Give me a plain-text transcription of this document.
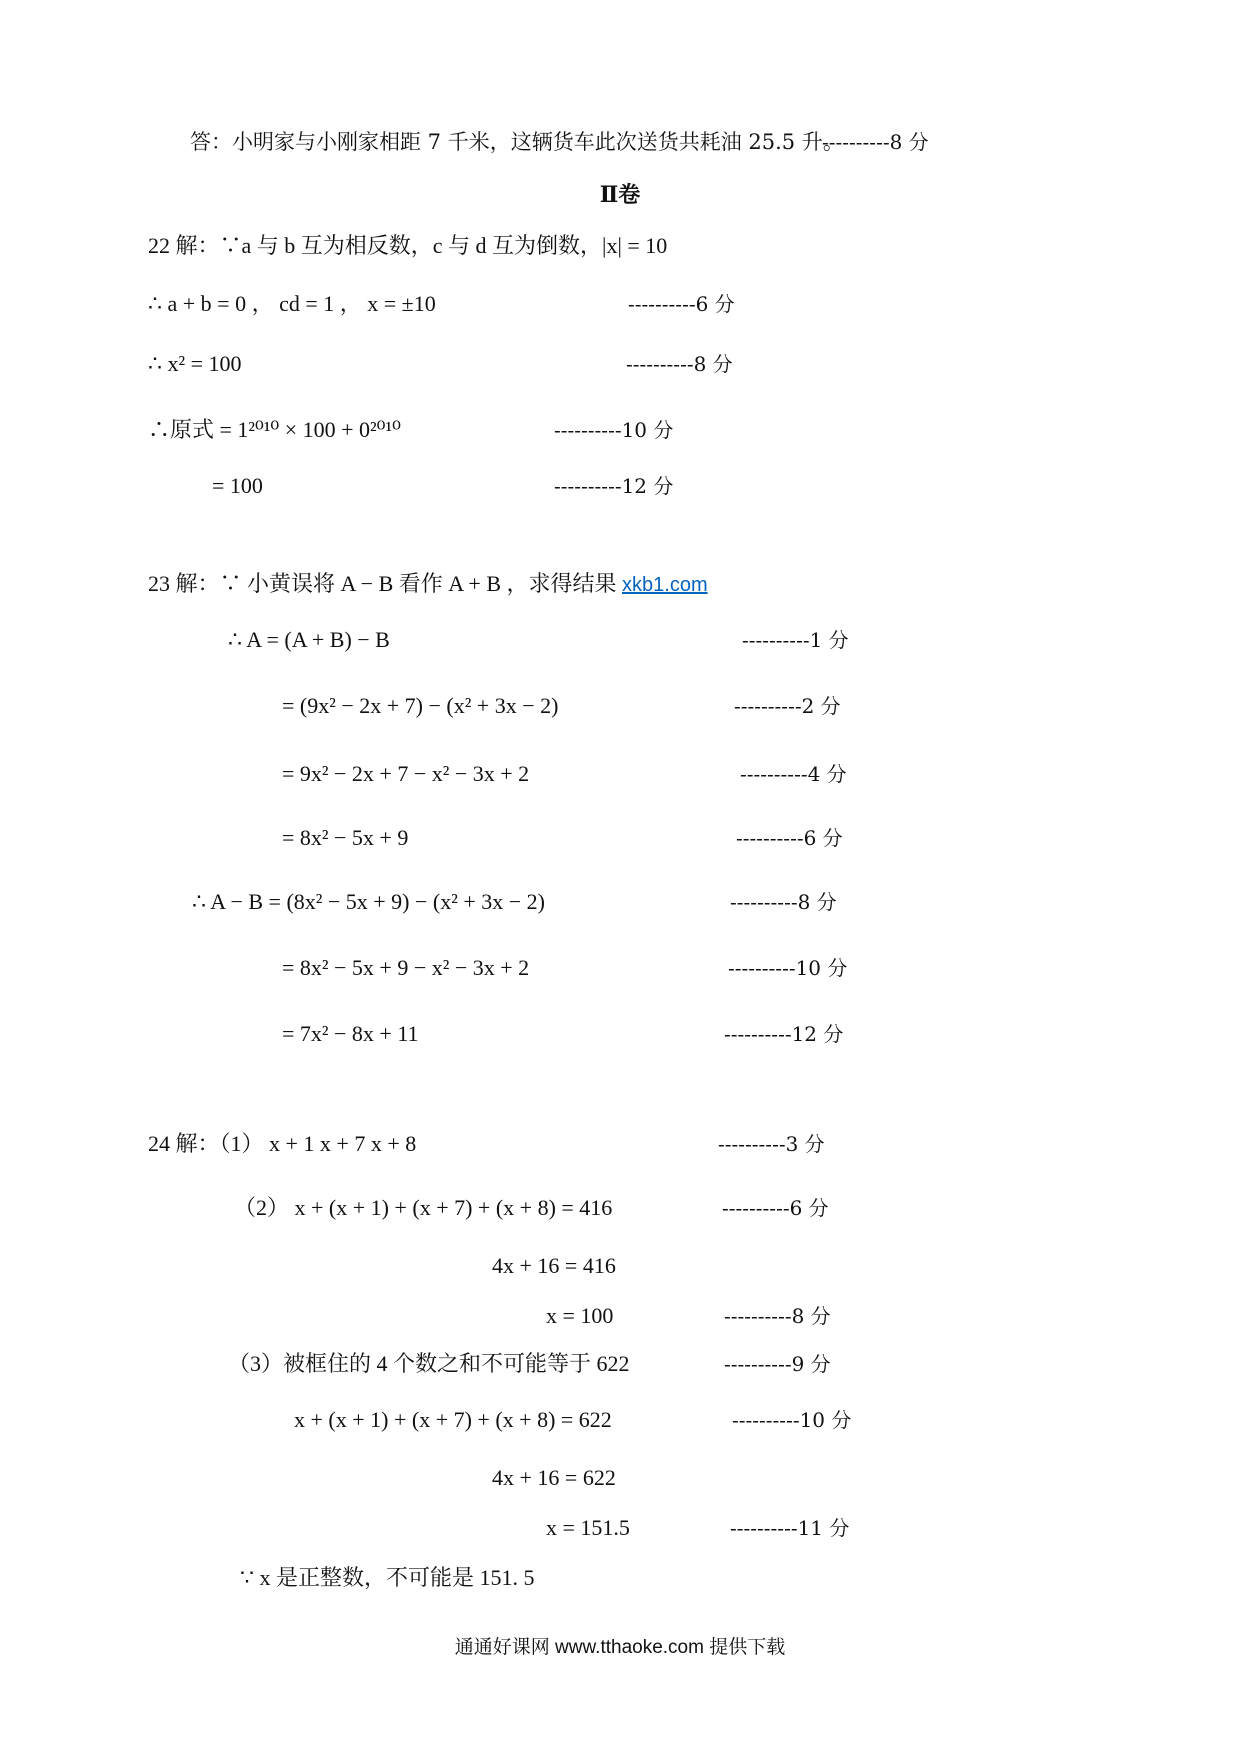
答：小明家与小刚家相距 7 千米，这辆货车此次送货共耗油 25.5 升。
----------8 分
Ⅱ卷
22 解：∵a 与 b 互为相反数，c 与 d 互为倒数，|x| = 10
∴ a + b = 0 ， cd = 1 ， x = ±10	----------6 分
∴ x² = 100	----------8 分
∴原式 = 1²⁰¹⁰ × 100 + 0²⁰¹⁰	----------10 分
= 100	----------12 分
23 解：∵ 小黄误将 A − B 看作 A + B ，求得结果 xkb1.com
∴ A = (A + B) − B	----------1 分
= (9x² − 2x + 7) − (x² + 3x − 2)	----------2 分
= 9x² − 2x + 7 − x² − 3x + 2	----------4 分
= 8x² − 5x + 9	----------6 分
∴ A − B = (8x² − 5x + 9) − (x² + 3x − 2)	----------8 分
= 8x² − 5x + 9 − x² − 3x + 2	----------10 分
= 7x² − 8x + 11	----------12 分
24 解：（1） x + 1 x + 7 x + 8	----------3 分
（2） x + (x + 1) + (x + 7) + (x + 8) = 416	----------6 分
4x + 16 = 416
x = 100	----------8 分
（3）被框住的 4 个数之和不可能等于 622	----------9 分
x + (x + 1) + (x + 7) + (x + 8) = 622	----------10 分
4x + 16 = 622
x = 151.5	----------11 分
∵ x 是正整数，不可能是 151. 5
通通好课网 www.tthaoke.com 提供下载
